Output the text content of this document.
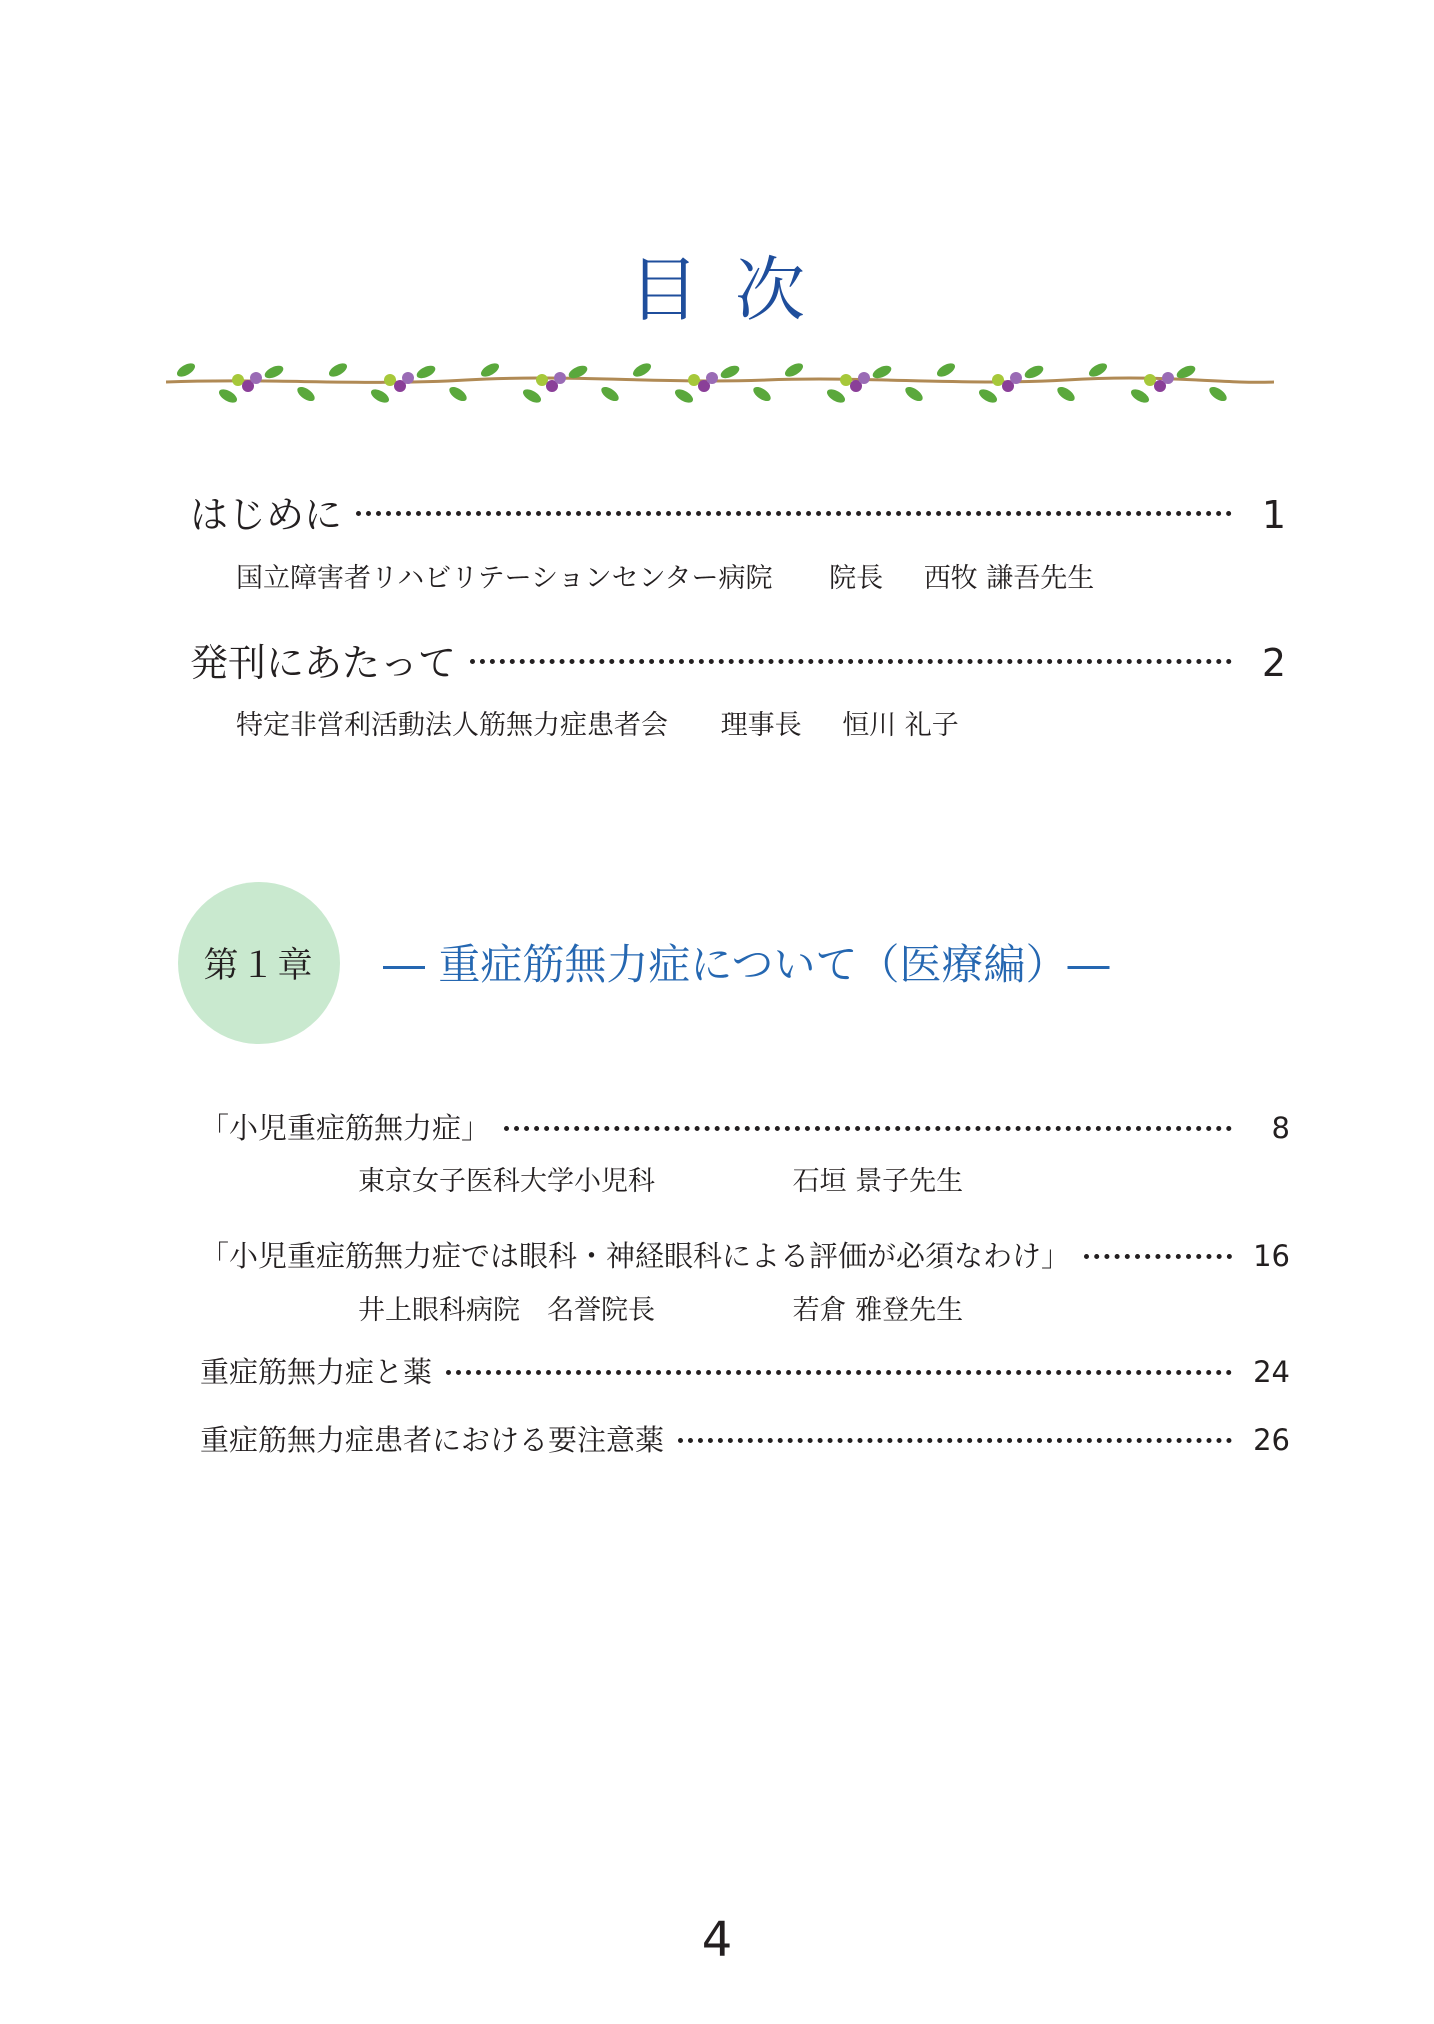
目次
はじめに	1
国立障害者リハビリテーションセンター病院 院長 西牧 謙吾先生
発刊にあたって	2
特定非営利活動法人筋無力症患者会 理事長 恒川 礼子
第１章	― 重症筋無力症について（医療編）―
「小児重症筋無力症」	8
東京女子医科大学小児科	石垣 景子先生
「小児重症筋無力症では眼科・神経眼科による評価が必須なわけ」	16
井上眼科病院　名誉院長	若倉 雅登先生
重症筋無力症と薬	24
重症筋無力症患者における要注意薬	26
4
